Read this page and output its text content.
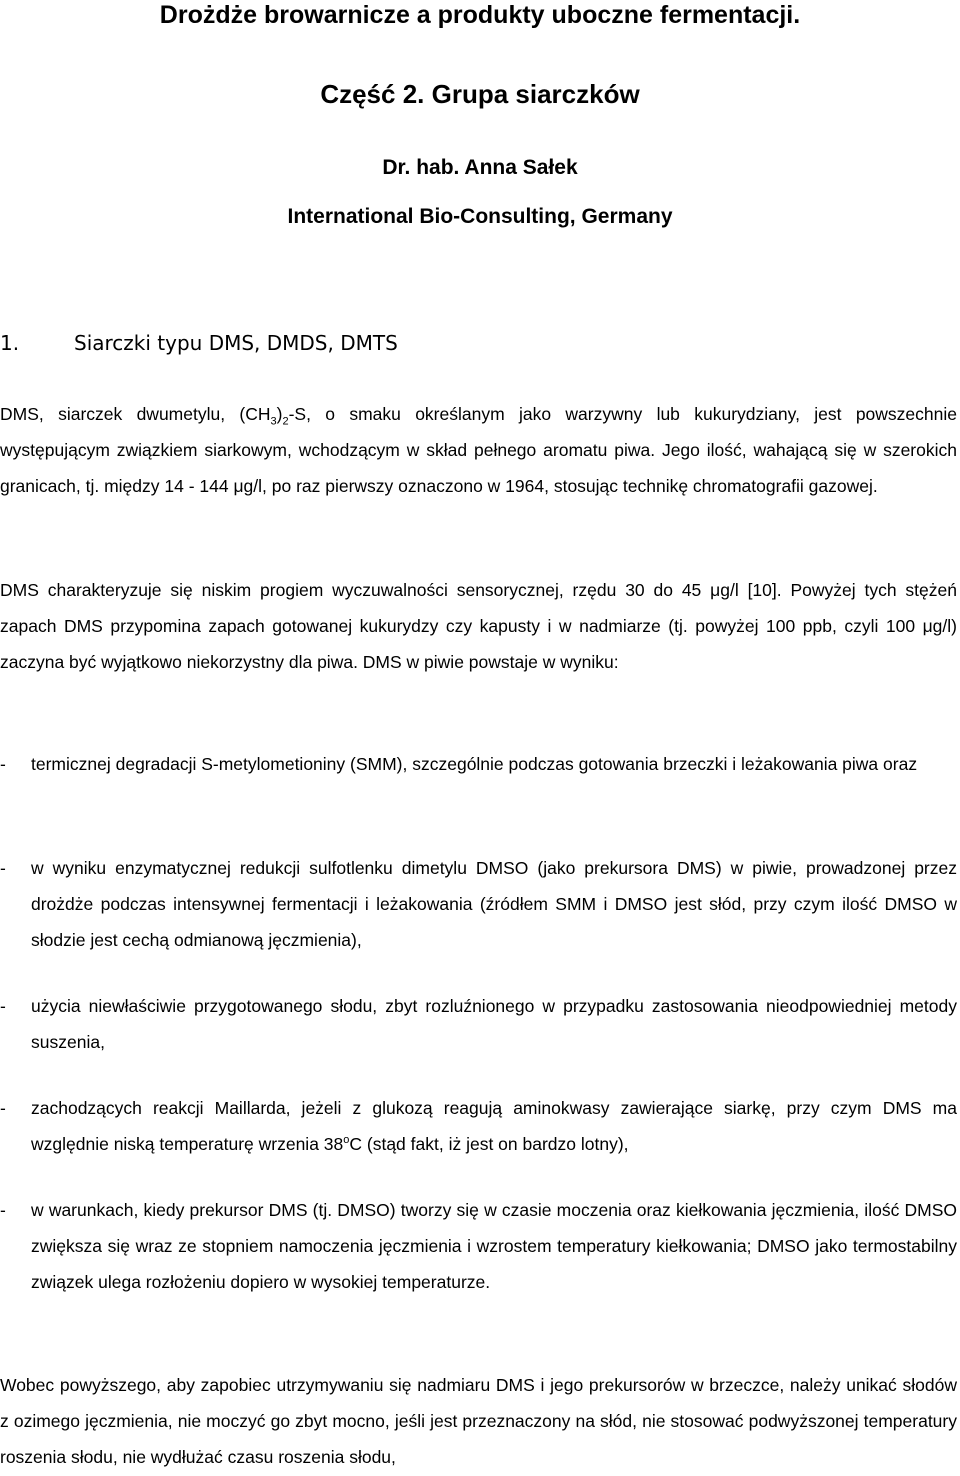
Drożdże browarnicze a produkty uboczne fermentacji.
Część 2. Grupa siarczków
Dr. hab. Anna Sałek
International Bio-Consulting, Germany
1.	Siarczki typu DMS, DMDS, DMTS

DMS, siarczek dwumetylu, $(CH_3)_2-S$, o smaku określanym jako warzywny lub kukurydziany, jest powszechnie występującym związkiem siarkowym, wchodzącym w skład pełnego aromatu piwa. Jego ilość, wahającą się w szerokich granicach, tj. między 14 - 144 μg/l, po raz pierwszy oznaczono w 1964, stosując technikę chromatografii gazowej.

DMS charakteryzuje się niskim progiem wyczuwalności sensorycznej, rzędu 30 do 45 μg/l [10]. Powyżej tych stężeń zapach DMS przypomina zapach gotowanej kukurydzy czy kapusty i w nadmiarze (tj. powyżej 100 ppb, czyli 100 μg/l) zaczyna być wyjątkowo niekorzystny dla piwa. DMS w piwie powstaje w wyniku:

- termicznej degradacji S-metylometioniny (SMM), szczególnie podczas gotowania brzeczki i leżakowania piwa oraz
- w wyniku enzymatycznej redukcji sulfotlenku dimetylu DMSO (jako prekursora DMS) w piwie, prowadzonej przez drożdże podczas intensywnej fermentacji i leżakowania (źródłem SMM i DMSO jest słód, przy czym ilość DMSO w słodzie jest cechą odmianową jęczmienia),
- użycia niewłaściwie przygotowanego słodu, zbyt rozluźnionego w przypadku zastosowania nieodpowiedniej metody suszenia,
- zachodzących reakcji Maillarda, jeżeli z glukozą reagują aminokwasy zawierające siarkę, przy czym DMS ma względnie niską temperaturę wrzenia 38$^o$C (stąd fakt, iż jest on bardzo lotny),
- w warunkach, kiedy prekursor DMS (tj. DMSO) tworzy się w czasie moczenia oraz kiełkowania jęczmienia, ilość DMSO zwiększa się wraz ze stopniem namoczenia jęczmienia i wzrostem temperatury kiełkowania; DMSO jako termostabilny związek ulega rozłożeniu dopiero w wysokiej temperaturze.

Wobec powyższego, aby zapobiec utrzymywaniu się nadmiaru DMS i jego prekursorów w brzeczce, należy unikać słodów z ozimego jęczmienia, nie moczyć go zbyt mocno, jeśli jest przeznaczony na słód, nie stosować podwyższonej temperatury roszenia słodu, nie wydłużać czasu roszenia słodu,
